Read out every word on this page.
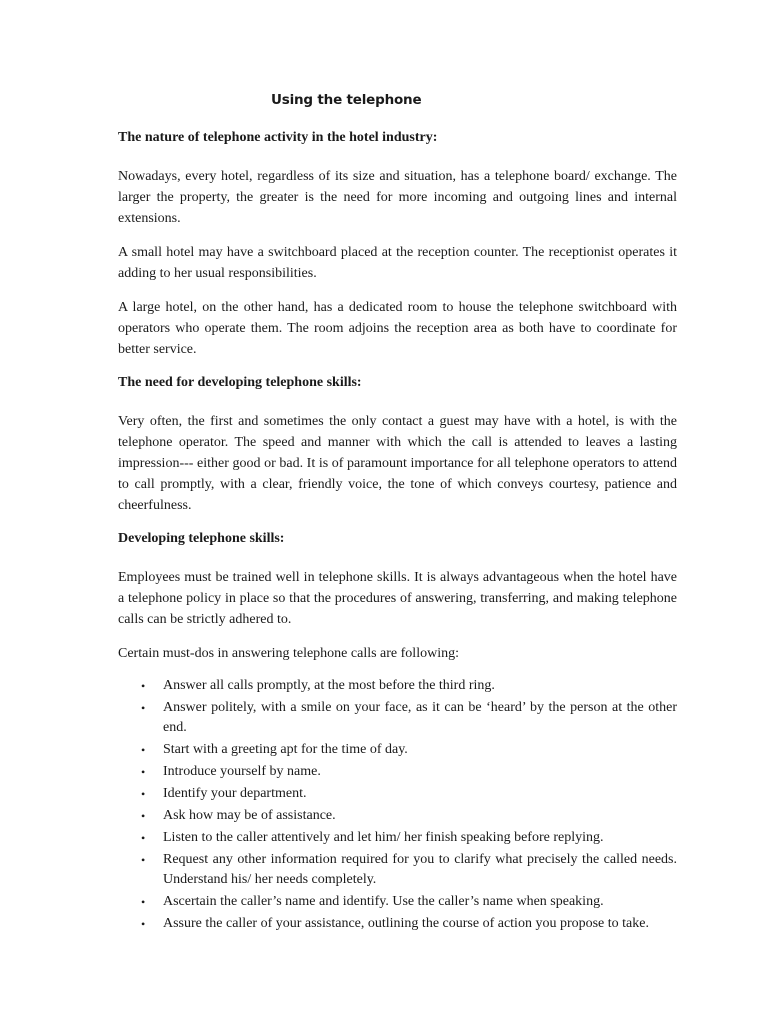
Using the telephone
The nature of telephone activity in the hotel industry:

Nowadays, every hotel, regardless of its size and situation, has a telephone board/ exchange. The larger the property, the greater is the need for more incoming and outgoing lines and internal extensions.

A small hotel may have a switchboard placed at the reception counter. The receptionist operates it adding to her usual responsibilities.

A large hotel, on the other hand, has a dedicated room to house the telephone switchboard with operators who operate them. The room adjoins the reception area as both have to coordinate for better service.

The need for developing telephone skills:

Very often, the first and sometimes the only contact a guest may have with a hotel, is with the telephone operator. The speed and manner with which the call is attended to leaves a lasting impression--- either good or bad. It is of paramount importance for all telephone operators to attend to call promptly, with a clear, friendly voice, the tone of which conveys courtesy, patience and cheerfulness.

Developing telephone skills:

Employees must be trained well in telephone skills. It is always advantageous when the hotel have a telephone policy in place so that the procedures of answering, transferring, and making telephone calls can be strictly adhered to.

Certain must-dos in answering telephone calls are following:

• Answer all calls promptly, at the most before the third ring.
• Answer politely, with a smile on your face, as it can be ‘heard’ by the person at the other end.
• Start with a greeting apt for the time of day.
• Introduce yourself by name.
• Identify your department.
• Ask how may be of assistance.
• Listen to the caller attentively and let him/ her finish speaking before replying.
• Request any other information required for you to clarify what precisely the called needs. Understand his/ her needs completely.
• Ascertain the caller’s name and identify. Use the caller’s name when speaking.
• Assure the caller of your assistance, outlining the course of action you propose to take.
